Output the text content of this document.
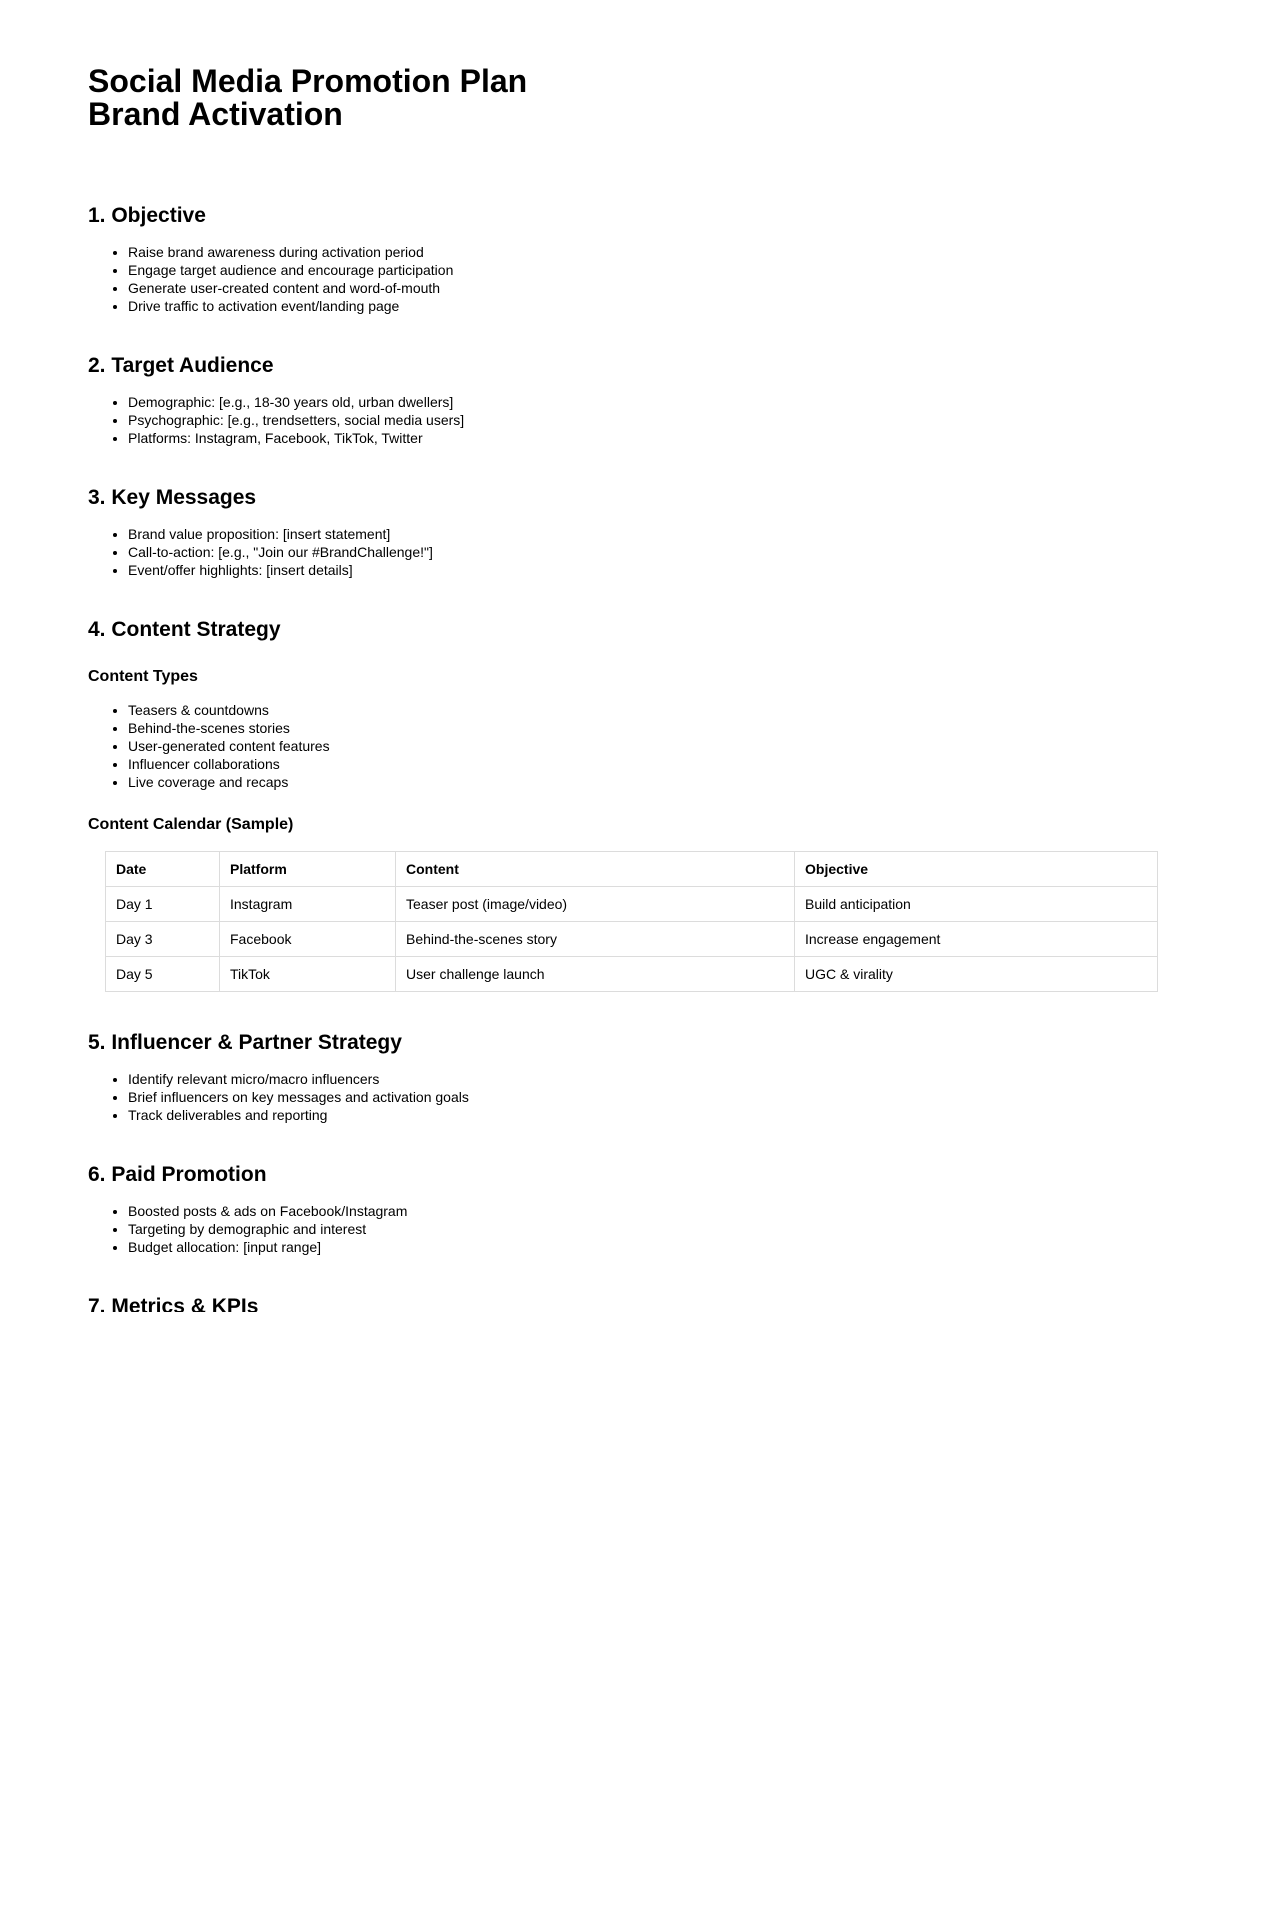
Social Media Promotion Plan
Brand Activation
1. Objective
• Raise brand awareness during activation period
• Engage target audience and encourage participation
• Generate user-created content and word-of-mouth
• Drive traffic to activation event/landing page
2. Target Audience
• Demographic: [e.g., 18-30 years old, urban dwellers]
• Psychographic: [e.g., trendsetters, social media users]
• Platforms: Instagram, Facebook, TikTok, Twitter
3. Key Messages
• Brand value proposition: [insert statement]
• Call-to-action: [e.g., "Join our #BrandChallenge!"]
• Event/offer highlights: [insert details]
4. Content Strategy
Content Types
• Teasers & countdowns
• Behind-the-scenes stories
• User-generated content features
• Influencer collaborations
• Live coverage and recaps
Content Calendar (Sample)
Date	Platform	Content	Objective
Day 1	Instagram	Teaser post (image/video)	Build anticipation
Day 3	Facebook	Behind-the-scenes story	Increase engagement
Day 5	TikTok	User challenge launch	UGC & virality
5. Influencer & Partner Strategy
• Identify relevant micro/macro influencers
• Brief influencers on key messages and activation goals
• Track deliverables and reporting
6. Paid Promotion
• Boosted posts & ads on Facebook/Instagram
• Targeting by demographic and interest
• Budget allocation: [input range]
7. Metrics & KPIs
